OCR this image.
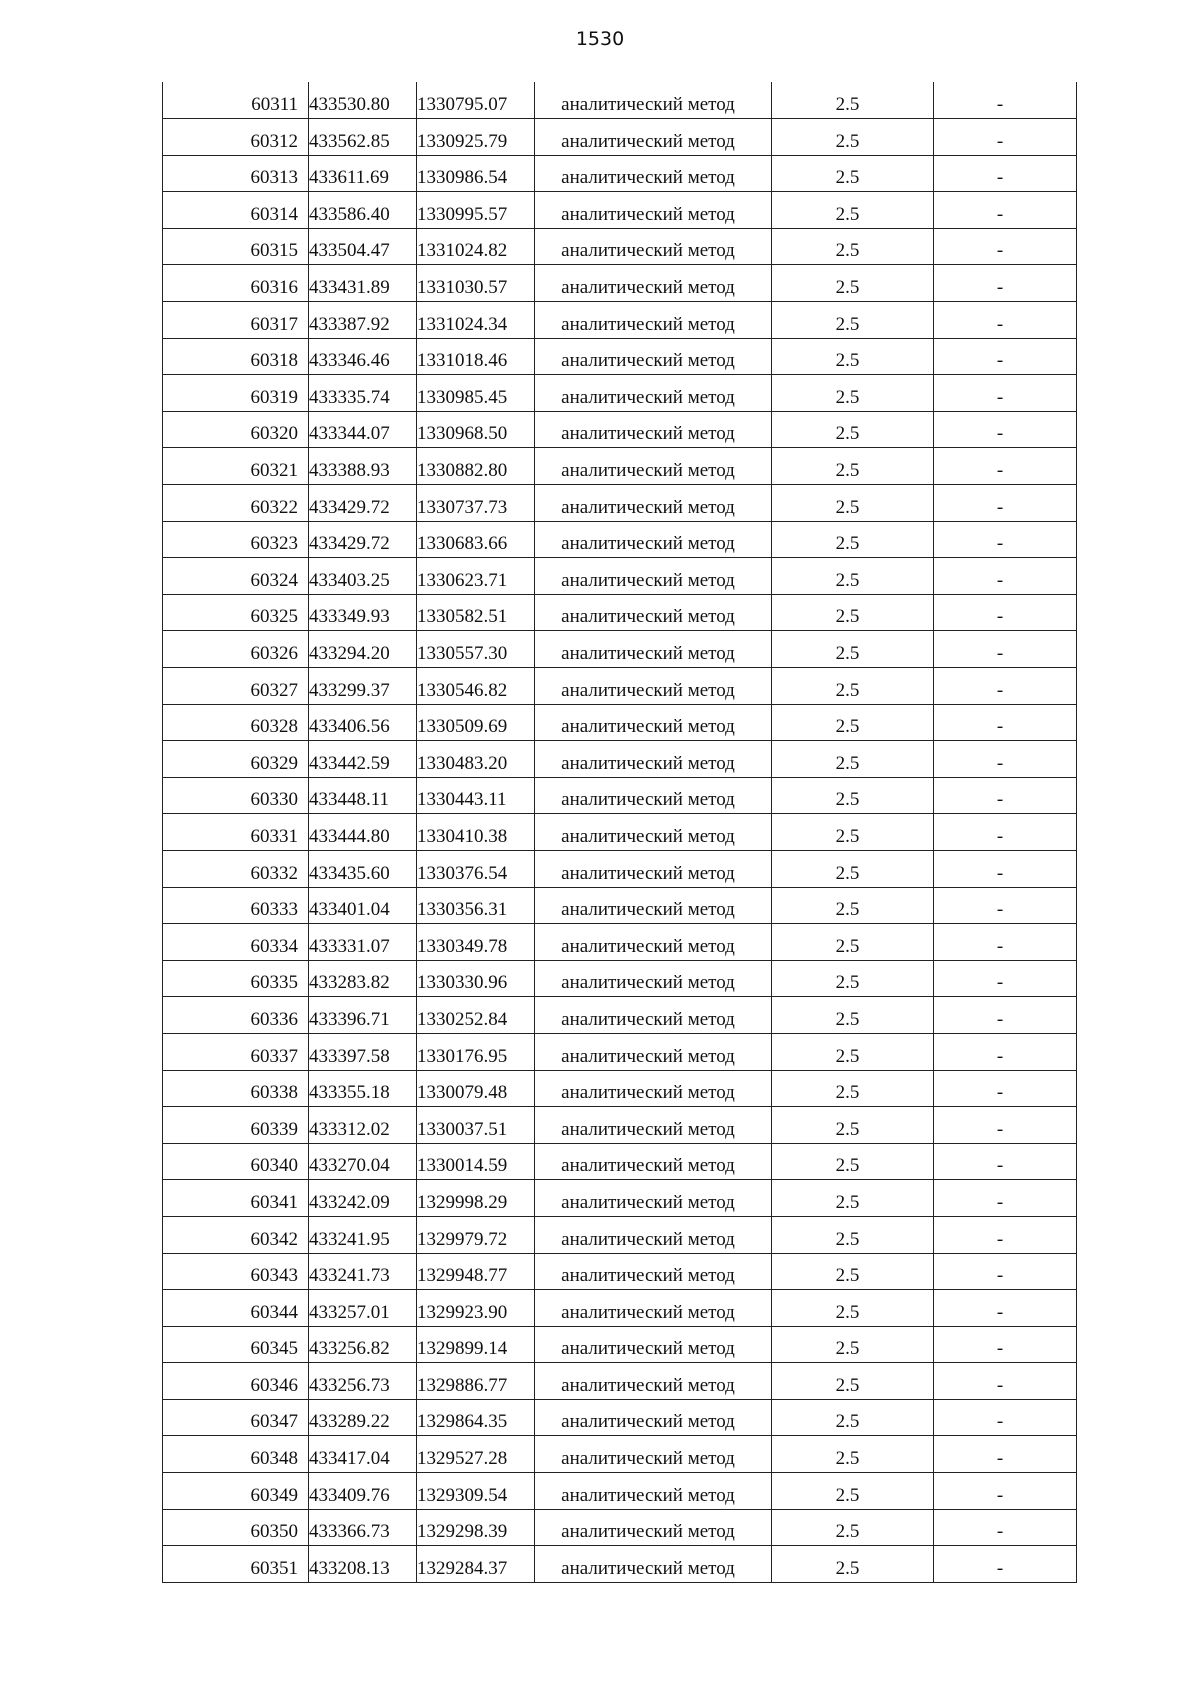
1530
60311	433530.80	1330795.07	аналитический метод	2.5	-
60312	433562.85	1330925.79	аналитический метод	2.5	-
60313	433611.69	1330986.54	аналитический метод	2.5	-
60314	433586.40	1330995.57	аналитический метод	2.5	-
60315	433504.47	1331024.82	аналитический метод	2.5	-
60316	433431.89	1331030.57	аналитический метод	2.5	-
60317	433387.92	1331024.34	аналитический метод	2.5	-
60318	433346.46	1331018.46	аналитический метод	2.5	-
60319	433335.74	1330985.45	аналитический метод	2.5	-
60320	433344.07	1330968.50	аналитический метод	2.5	-
60321	433388.93	1330882.80	аналитический метод	2.5	-
60322	433429.72	1330737.73	аналитический метод	2.5	-
60323	433429.72	1330683.66	аналитический метод	2.5	-
60324	433403.25	1330623.71	аналитический метод	2.5	-
60325	433349.93	1330582.51	аналитический метод	2.5	-
60326	433294.20	1330557.30	аналитический метод	2.5	-
60327	433299.37	1330546.82	аналитический метод	2.5	-
60328	433406.56	1330509.69	аналитический метод	2.5	-
60329	433442.59	1330483.20	аналитический метод	2.5	-
60330	433448.11	1330443.11	аналитический метод	2.5	-
60331	433444.80	1330410.38	аналитический метод	2.5	-
60332	433435.60	1330376.54	аналитический метод	2.5	-
60333	433401.04	1330356.31	аналитический метод	2.5	-
60334	433331.07	1330349.78	аналитический метод	2.5	-
60335	433283.82	1330330.96	аналитический метод	2.5	-
60336	433396.71	1330252.84	аналитический метод	2.5	-
60337	433397.58	1330176.95	аналитический метод	2.5	-
60338	433355.18	1330079.48	аналитический метод	2.5	-
60339	433312.02	1330037.51	аналитический метод	2.5	-
60340	433270.04	1330014.59	аналитический метод	2.5	-
60341	433242.09	1329998.29	аналитический метод	2.5	-
60342	433241.95	1329979.72	аналитический метод	2.5	-
60343	433241.73	1329948.77	аналитический метод	2.5	-
60344	433257.01	1329923.90	аналитический метод	2.5	-
60345	433256.82	1329899.14	аналитический метод	2.5	-
60346	433256.73	1329886.77	аналитический метод	2.5	-
60347	433289.22	1329864.35	аналитический метод	2.5	-
60348	433417.04	1329527.28	аналитический метод	2.5	-
60349	433409.76	1329309.54	аналитический метод	2.5	-
60350	433366.73	1329298.39	аналитический метод	2.5	-
60351	433208.13	1329284.37	аналитический метод	2.5	-
